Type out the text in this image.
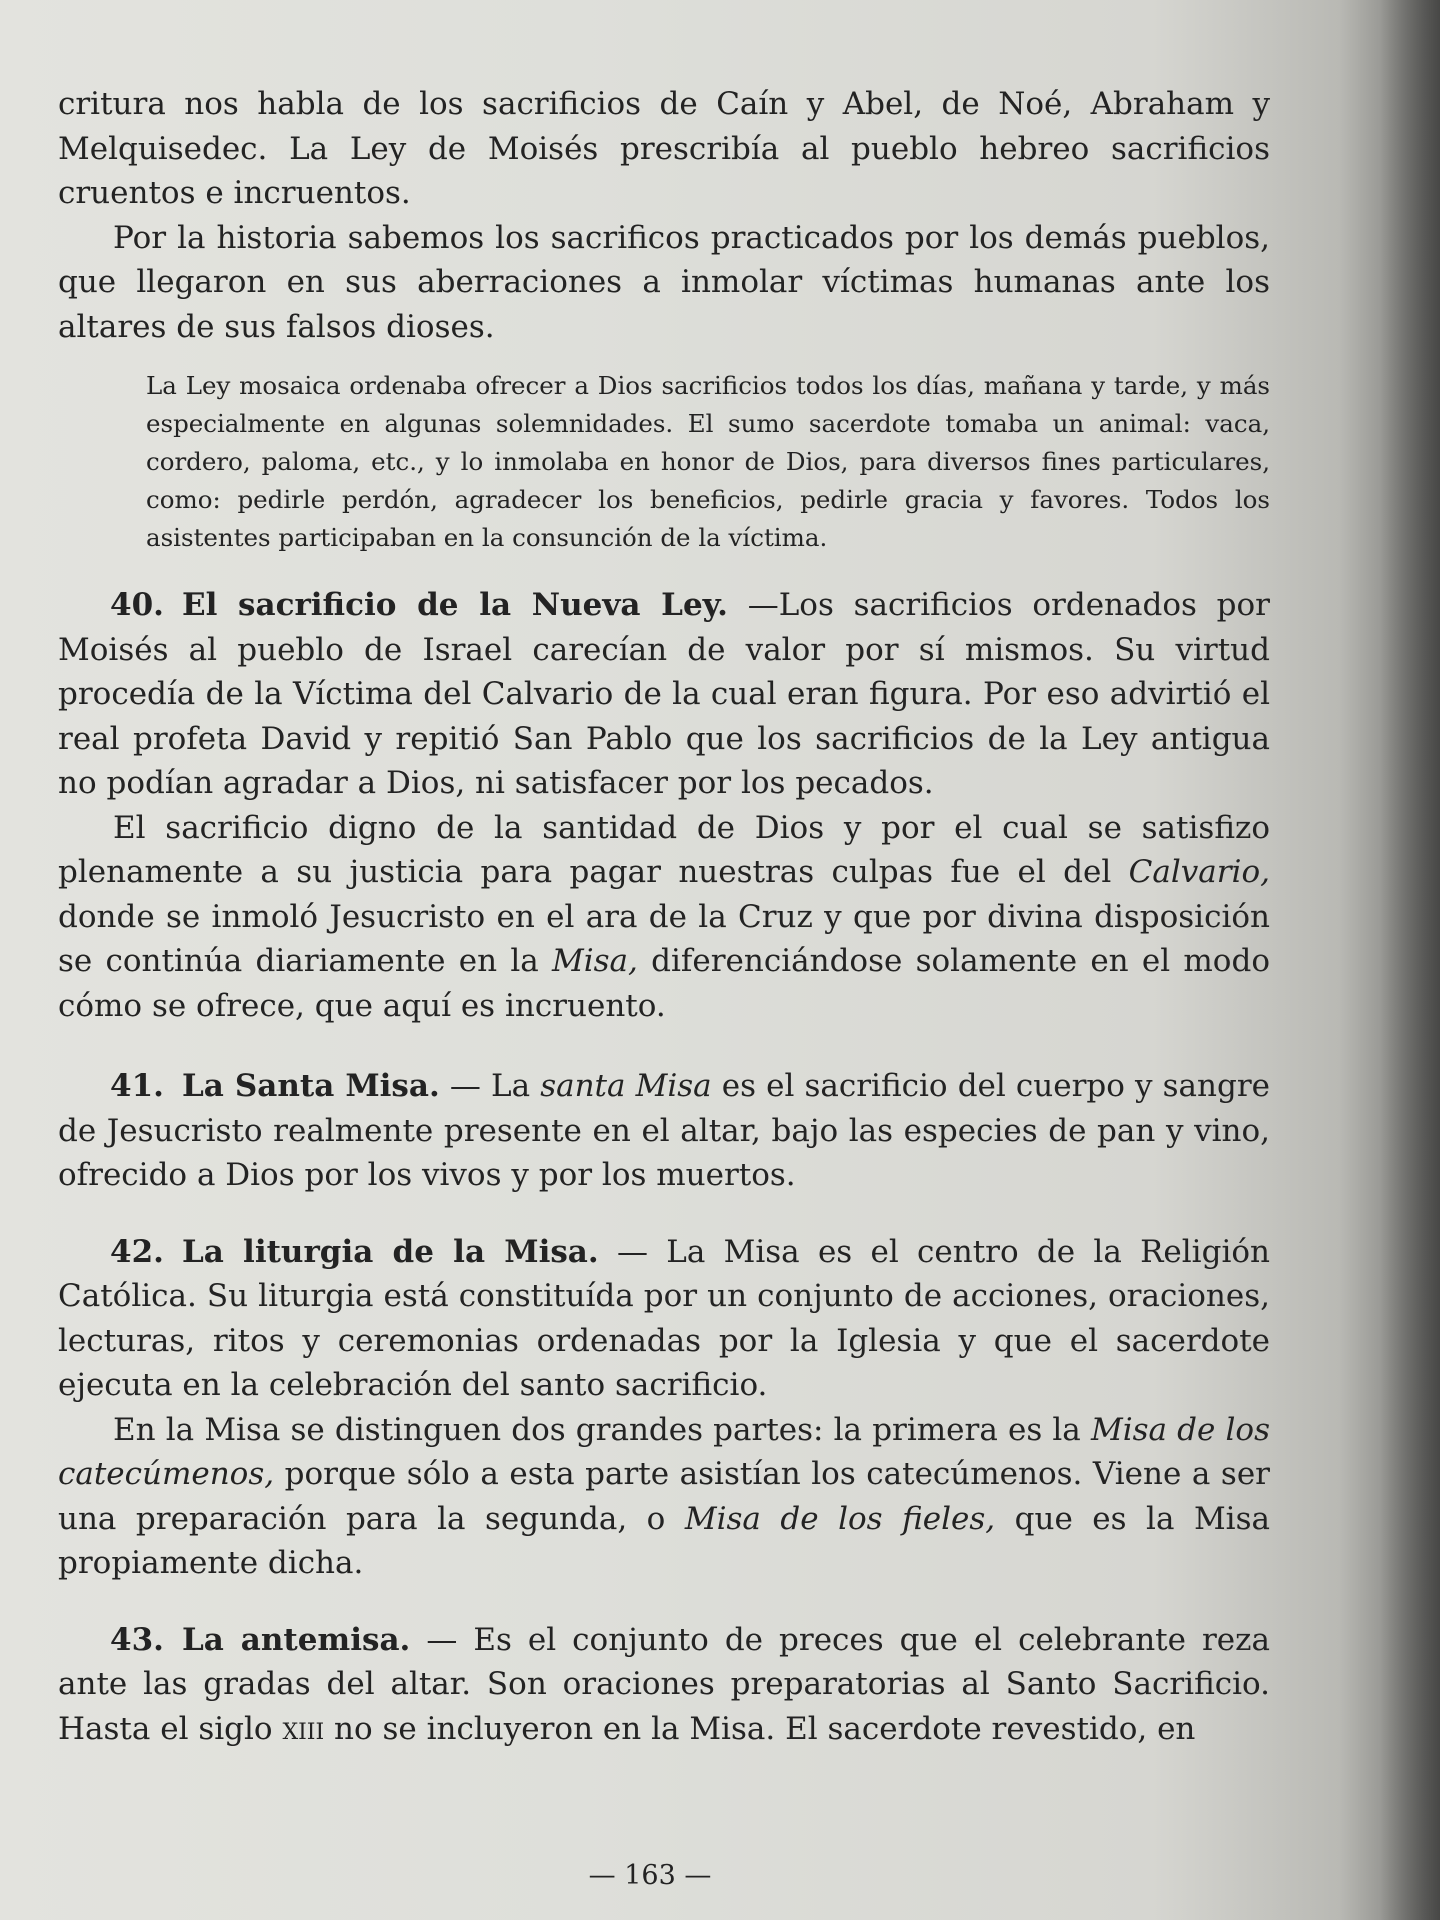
critura nos habla de los sacrificios de Caín y Abel, de Noé, Abraham y Melquisedec. La Ley de Moisés prescribía al pueblo hebreo sacrificios cruentos e incruentos.

Por la historia sabemos los sacrificos practicados por los demás pueblos, que llegaron en sus aberraciones a inmolar víctimas humanas ante los altares de sus falsos dioses.

La Ley mosaica ordenaba ofrecer a Dios sacrificios todos los días, mañana y tarde, y más especialmente en algunas solemnidades. El sumo sacerdote tomaba un animal: vaca, cordero, paloma, etc., y lo inmolaba en honor de Dios, para diversos fines particulares, como: pedirle perdón, agradecer los beneficios, pedirle gracia y favores. Todos los asistentes participaban en la consunción de la víctima.

40. El sacrificio de la Nueva Ley. —Los sacrificios ordenados por Moisés al pueblo de Israel carecían de valor por sí mismos. Su virtud procedía de la Víctima del Calvario de la cual eran figura. Por eso advirtió el real profeta David y repitió San Pablo que los sacrificios de la Ley antigua no podían agradar a Dios, ni satisfacer por los pecados.

El sacrificio digno de la santidad de Dios y por el cual se satisfizo plenamente a su justicia para pagar nuestras culpas fue el del Calvario, donde se inmoló Jesucristo en el ara de la Cruz y que por divina disposición se continúa diariamente en la Misa, diferenciándose solamente en el modo cómo se ofrece, que aquí es incruento.

41. La Santa Misa. — La santa Misa es el sacrificio del cuerpo y sangre de Jesucristo realmente presente en el altar, bajo las especies de pan y vino, ofrecido a Dios por los vivos y por los muertos.

42. La liturgia de la Misa. — La Misa es el centro de la Religión Católica. Su liturgia está constituída por un conjunto de acciones, oraciones, lecturas, ritos y ceremonias ordenadas por la Iglesia y que el sacerdote ejecuta en la celebración del santo sacrificio.

En la Misa se distinguen dos grandes partes: la primera es la Misa de los catecúmenos, porque sólo a esta parte asistían los catecúmenos. Viene a ser una preparación para la segunda, o Misa de los fieles, que es la Misa propiamente dicha.

43. La antemisa. — Es el conjunto de preces que el celebrante reza ante las gradas del altar. Son oraciones preparatorias al Santo Sacrificio. Hasta el siglo xiii no se incluyeron en la Misa. El sacerdote revestido, en

— 163 —
